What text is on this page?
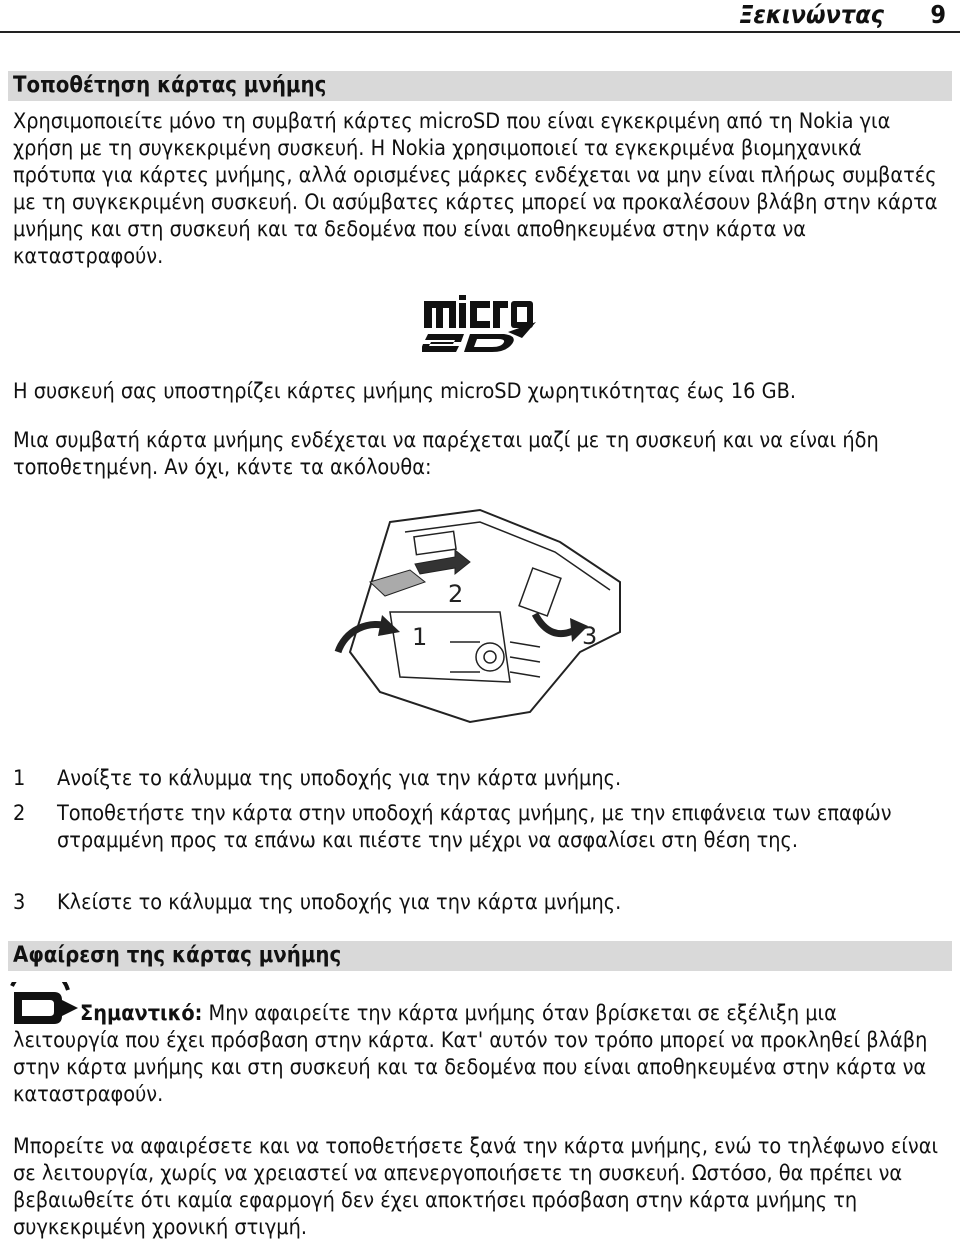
Ξεκινώντας 9
Τοποθέτηση κάρτας μνήμης

Χρησιμοποιείτε μόνο τη συμβατή κάρτες microSD που είναι εγκεκριμένη από τη Nokia για χρήση με τη συγκεκριμένη συσκευή. Η Nokia χρησιμοποιεί τα εγκεκριμένα βιομηχανικά πρότυπα για κάρτες μνήμης, αλλά ορισμένες μάρκες ενδέχεται να μην είναι πλήρως συμβατές με τη συγκεκριμένη συσκευή. Οι ασύμβατες κάρτες μπορεί να προκαλέσουν βλάβη στην κάρτα μνήμης και στη συσκευή και τα δεδομένα που είναι αποθηκευμένα στην κάρτα να καταστραφούν.

Η συσκευή σας υποστηρίζει κάρτες μνήμης microSD χωρητικότητας έως 16 GB.

Μια συμβατή κάρτα μνήμης ενδέχεται να παρέχεται μαζί με τη συσκευή και να είναι ήδη τοποθετημένη. Αν όχι, κάντε τα ακόλουθα:

1
2
3
1 Ανοίξτε το κάλυμμα της υποδοχής για την κάρτα μνήμης.

2 Τοποθετήστε την κάρτα στην υποδοχή κάρτας μνήμης, με την επιφάνεια των επαφών στραμμένη προς τα επάνω και πιέστε την μέχρι να ασφαλίσει στη θέση της.

3 Κλείστε το κάλυμμα της υποδοχής για την κάρτα μνήμης.

Αφαίρεση της κάρτας μνήμης

Σημαντικό: Μην αφαιρείτε την κάρτα μνήμης όταν βρίσκεται σε εξέλιξη μια λειτουργία που έχει πρόσβαση στην κάρτα. Κατ' αυτόν τον τρόπο μπορεί να προκληθεί βλάβη στην κάρτα μνήμης και στη συσκευή και τα δεδομένα που είναι αποθηκευμένα στην κάρτα να καταστραφούν.

Μπορείτε να αφαιρέσετε και να τοποθετήσετε ξανά την κάρτα μνήμης, ενώ το τηλέφωνο είναι σε λειτουργία, χωρίς να χρειαστεί να απενεργοποιήσετε τη συσκευή. Ωστόσο, θα πρέπει να βεβαιωθείτε ότι καμία εφαρμογή δεν έχει αποκτήσει πρόσβαση στην κάρτα μνήμης τη συγκεκριμένη χρονική στιγμή.
